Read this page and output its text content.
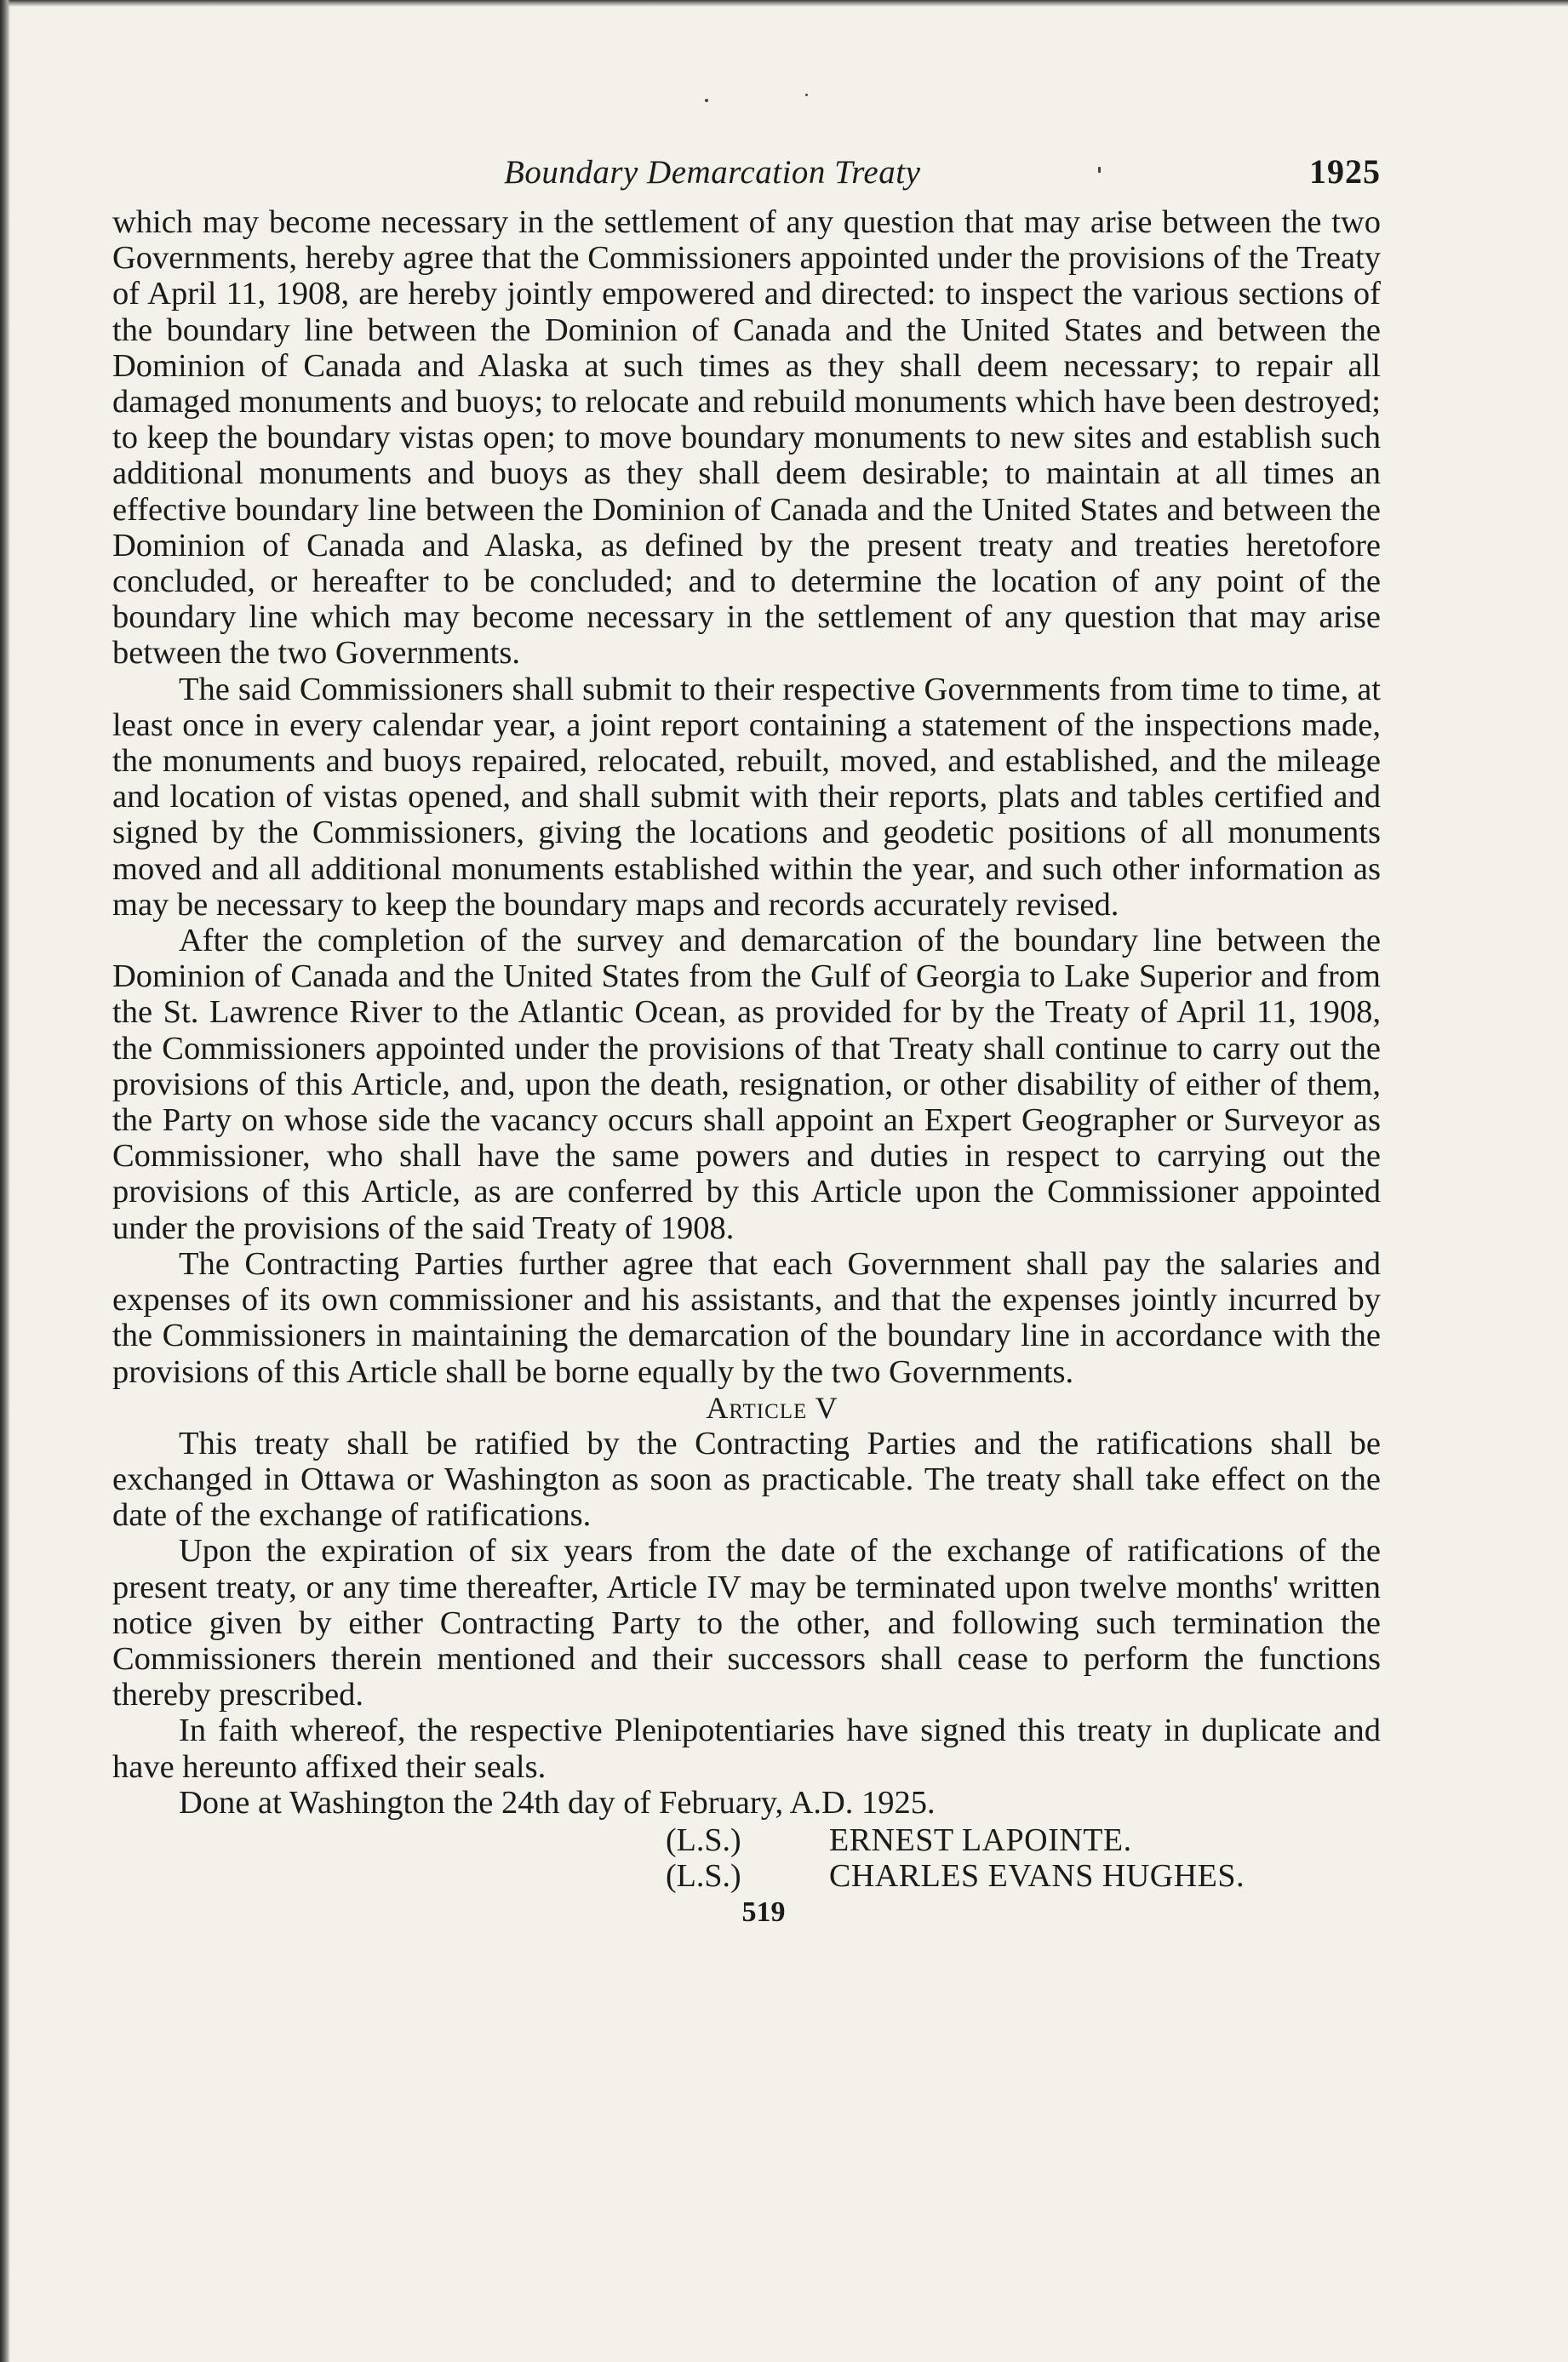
Boundary Demarcation Treaty	1925

which may become necessary in the settlement of any question that may arise between the two Governments, hereby agree that the Commissioners appointed under the provisions of the Treaty of April 11, 1908, are hereby jointly empowered and directed: to inspect the various sections of the boundary line between the Dominion of Canada and the United States and between the Dominion of Canada and Alaska at such times as they shall deem necessary; to repair all damaged monuments and buoys; to relocate and rebuild monuments which have been destroyed; to keep the boundary vistas open; to move boundary monuments to new sites and establish such additional monuments and buoys as they shall deem desirable; to maintain at all times an effective boundary line between the Dominion of Canada and the United States and between the Dominion of Canada and Alaska, as defined by the present treaty and treaties heretofore concluded, or hereafter to be concluded; and to determine the location of any point of the boundary line which may become necessary in the settlement of any question that may arise between the two Governments.

The said Commissioners shall submit to their respective Governments from time to time, at least once in every calendar year, a joint report containing a statement of the inspections made, the monuments and buoys repaired, relocated, rebuilt, moved, and established, and the mileage and location of vistas opened, and shall submit with their reports, plats and tables certified and signed by the Commissioners, giving the locations and geodetic positions of all monuments moved and all additional monuments established within the year, and such other information as may be necessary to keep the boundary maps and records accurately revised.

After the completion of the survey and demarcation of the boundary line between the Dominion of Canada and the United States from the Gulf of Georgia to Lake Superior and from the St. Lawrence River to the Atlantic Ocean, as provided for by the Treaty of April 11, 1908, the Commissioners appointed under the provisions of that Treaty shall continue to carry out the provisions of this Article, and, upon the death, resignation, or other disability of either of them, the Party on whose side the vacancy occurs shall appoint an Expert Geographer or Surveyor as Commissioner, who shall have the same powers and duties in respect to carrying out the provisions of this Article, as are conferred by this Article upon the Commissioner appointed under the provisions of the said Treaty of 1908.

The Contracting Parties further agree that each Government shall pay the salaries and expenses of its own commissioner and his assistants, and that the expenses jointly incurred by the Commissioners in maintaining the demarcation of the boundary line in accordance with the provisions of this Article shall be borne equally by the two Governments.

Article V

This treaty shall be ratified by the Contracting Parties and the ratifications shall be exchanged in Ottawa or Washington as soon as practicable. The treaty shall take effect on the date of the exchange of ratifications.

Upon the expiration of six years from the date of the exchange of ratifications of the present treaty, or any time thereafter, Article IV may be terminated upon twelve months' written notice given by either Contracting Party to the other, and following such termination the Commissioners therein mentioned and their successors shall cease to perform the functions thereby prescribed.

In faith whereof, the respective Plenipotentiaries have signed this treaty in duplicate and have hereunto affixed their seals.

Done at Washington the 24th day of February, A.D. 1925.

(L.S.)	ERNEST LAPOINTE.
(L.S.)	CHARLES EVANS HUGHES.
519
